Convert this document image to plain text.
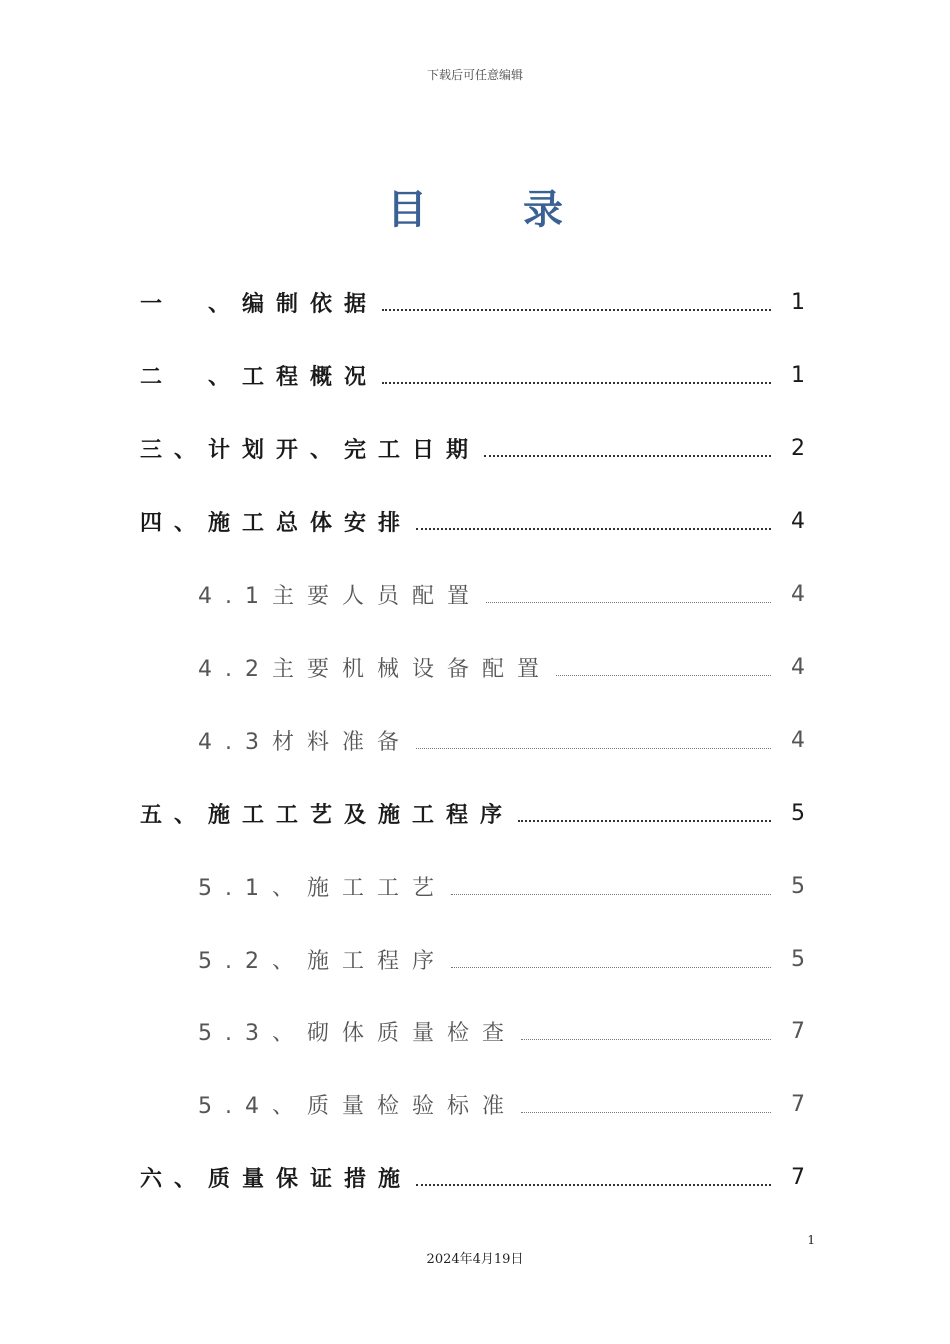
下载后可任意编辑
目录
一　、编制依据	1
二　、工程概况	1
三、计划开、完工日期	2
四、施工总体安排	4
4.1主要人员配置	4
4.2主要机械设备配置	4
4.3材料准备	4
五、施工工艺及施工程序	5
5.1、施工工艺	5
5.2、施工程序	5
5.3、砌体质量检查	7
5.4、质量检验标准	7
六、质量保证措施	7
1
2024年4月19日
